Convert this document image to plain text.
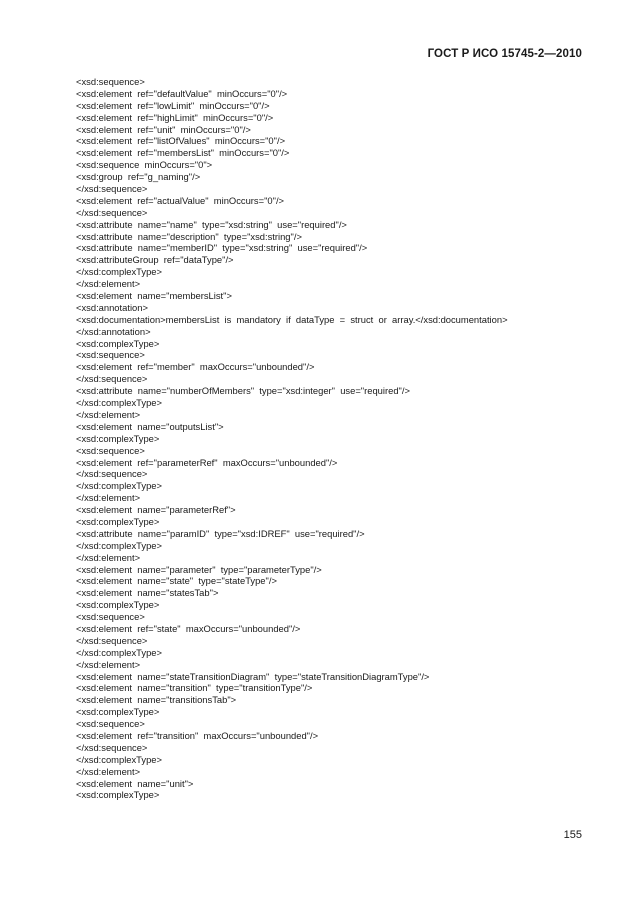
ГОСТ Р ИСО 15745-2—2010
<xsd:sequence>
<xsd:element  ref="defaultValue"  minOccurs="0"/>
<xsd:element  ref="lowLimit"  minOccurs="0"/>
<xsd:element  ref="highLimit"  minOccurs="0"/>
<xsd:element  ref="unit"  minOccurs="0"/>
<xsd:element  ref="listOfValues"  minOccurs="0"/>
<xsd:element  ref="membersList"  minOccurs="0"/>
<xsd:sequence  minOccurs="0">
<xsd:group  ref="g_naming"/>
</xsd:sequence>
<xsd:element  ref="actualValue"  minOccurs="0"/>
</xsd:sequence>
<xsd:attribute  name="name"  type="xsd:string"  use="required"/>
<xsd:attribute  name="description"  type="xsd:string"/>
<xsd:attribute  name="memberID"  type="xsd:string"  use="required"/>
<xsd:attributeGroup  ref="dataType"/>
</xsd:complexType>
</xsd:element>
<xsd:element  name="membersList">
<xsd:annotation>
<xsd:documentation>membersList  is  mandatory  if  dataType  =  struct  or  array.</xsd:documentation>
</xsd:annotation>
<xsd:complexType>
<xsd:sequence>
<xsd:element  ref="member"  maxOccurs="unbounded"/>
</xsd:sequence>
<xsd:attribute  name="numberOfMembers"  type="xsd:integer"  use="required"/>
</xsd:complexType>
</xsd:element>
<xsd:element  name="outputsList">
<xsd:complexType>
<xsd:sequence>
<xsd:element  ref="parameterRef"  maxOccurs="unbounded"/>
</xsd:sequence>
</xsd:complexType>
</xsd:element>
<xsd:element  name="parameterRef">
<xsd:complexType>
<xsd:attribute  name="paramID"  type="xsd:IDREF"  use="required"/>
</xsd:complexType>
</xsd:element>
<xsd:element  name="parameter"  type="parameterType"/>
<xsd:element  name="state"  type="stateType"/>
<xsd:element  name="statesTab">
<xsd:complexType>
<xsd:sequence>
<xsd:element  ref="state"  maxOccurs="unbounded"/>
</xsd:sequence>
</xsd:complexType>
</xsd:element>
<xsd:element  name="stateTransitionDiagram"  type="stateTransitionDiagramType"/>
<xsd:element  name="transition"  type="transitionType"/>
<xsd:element  name="transitionsTab">
<xsd:complexType>
<xsd:sequence>
<xsd:element  ref="transition"  maxOccurs="unbounded"/>
</xsd:sequence>
</xsd:complexType>
</xsd:element>
<xsd:element  name="unit">
<xsd:complexType>
155
